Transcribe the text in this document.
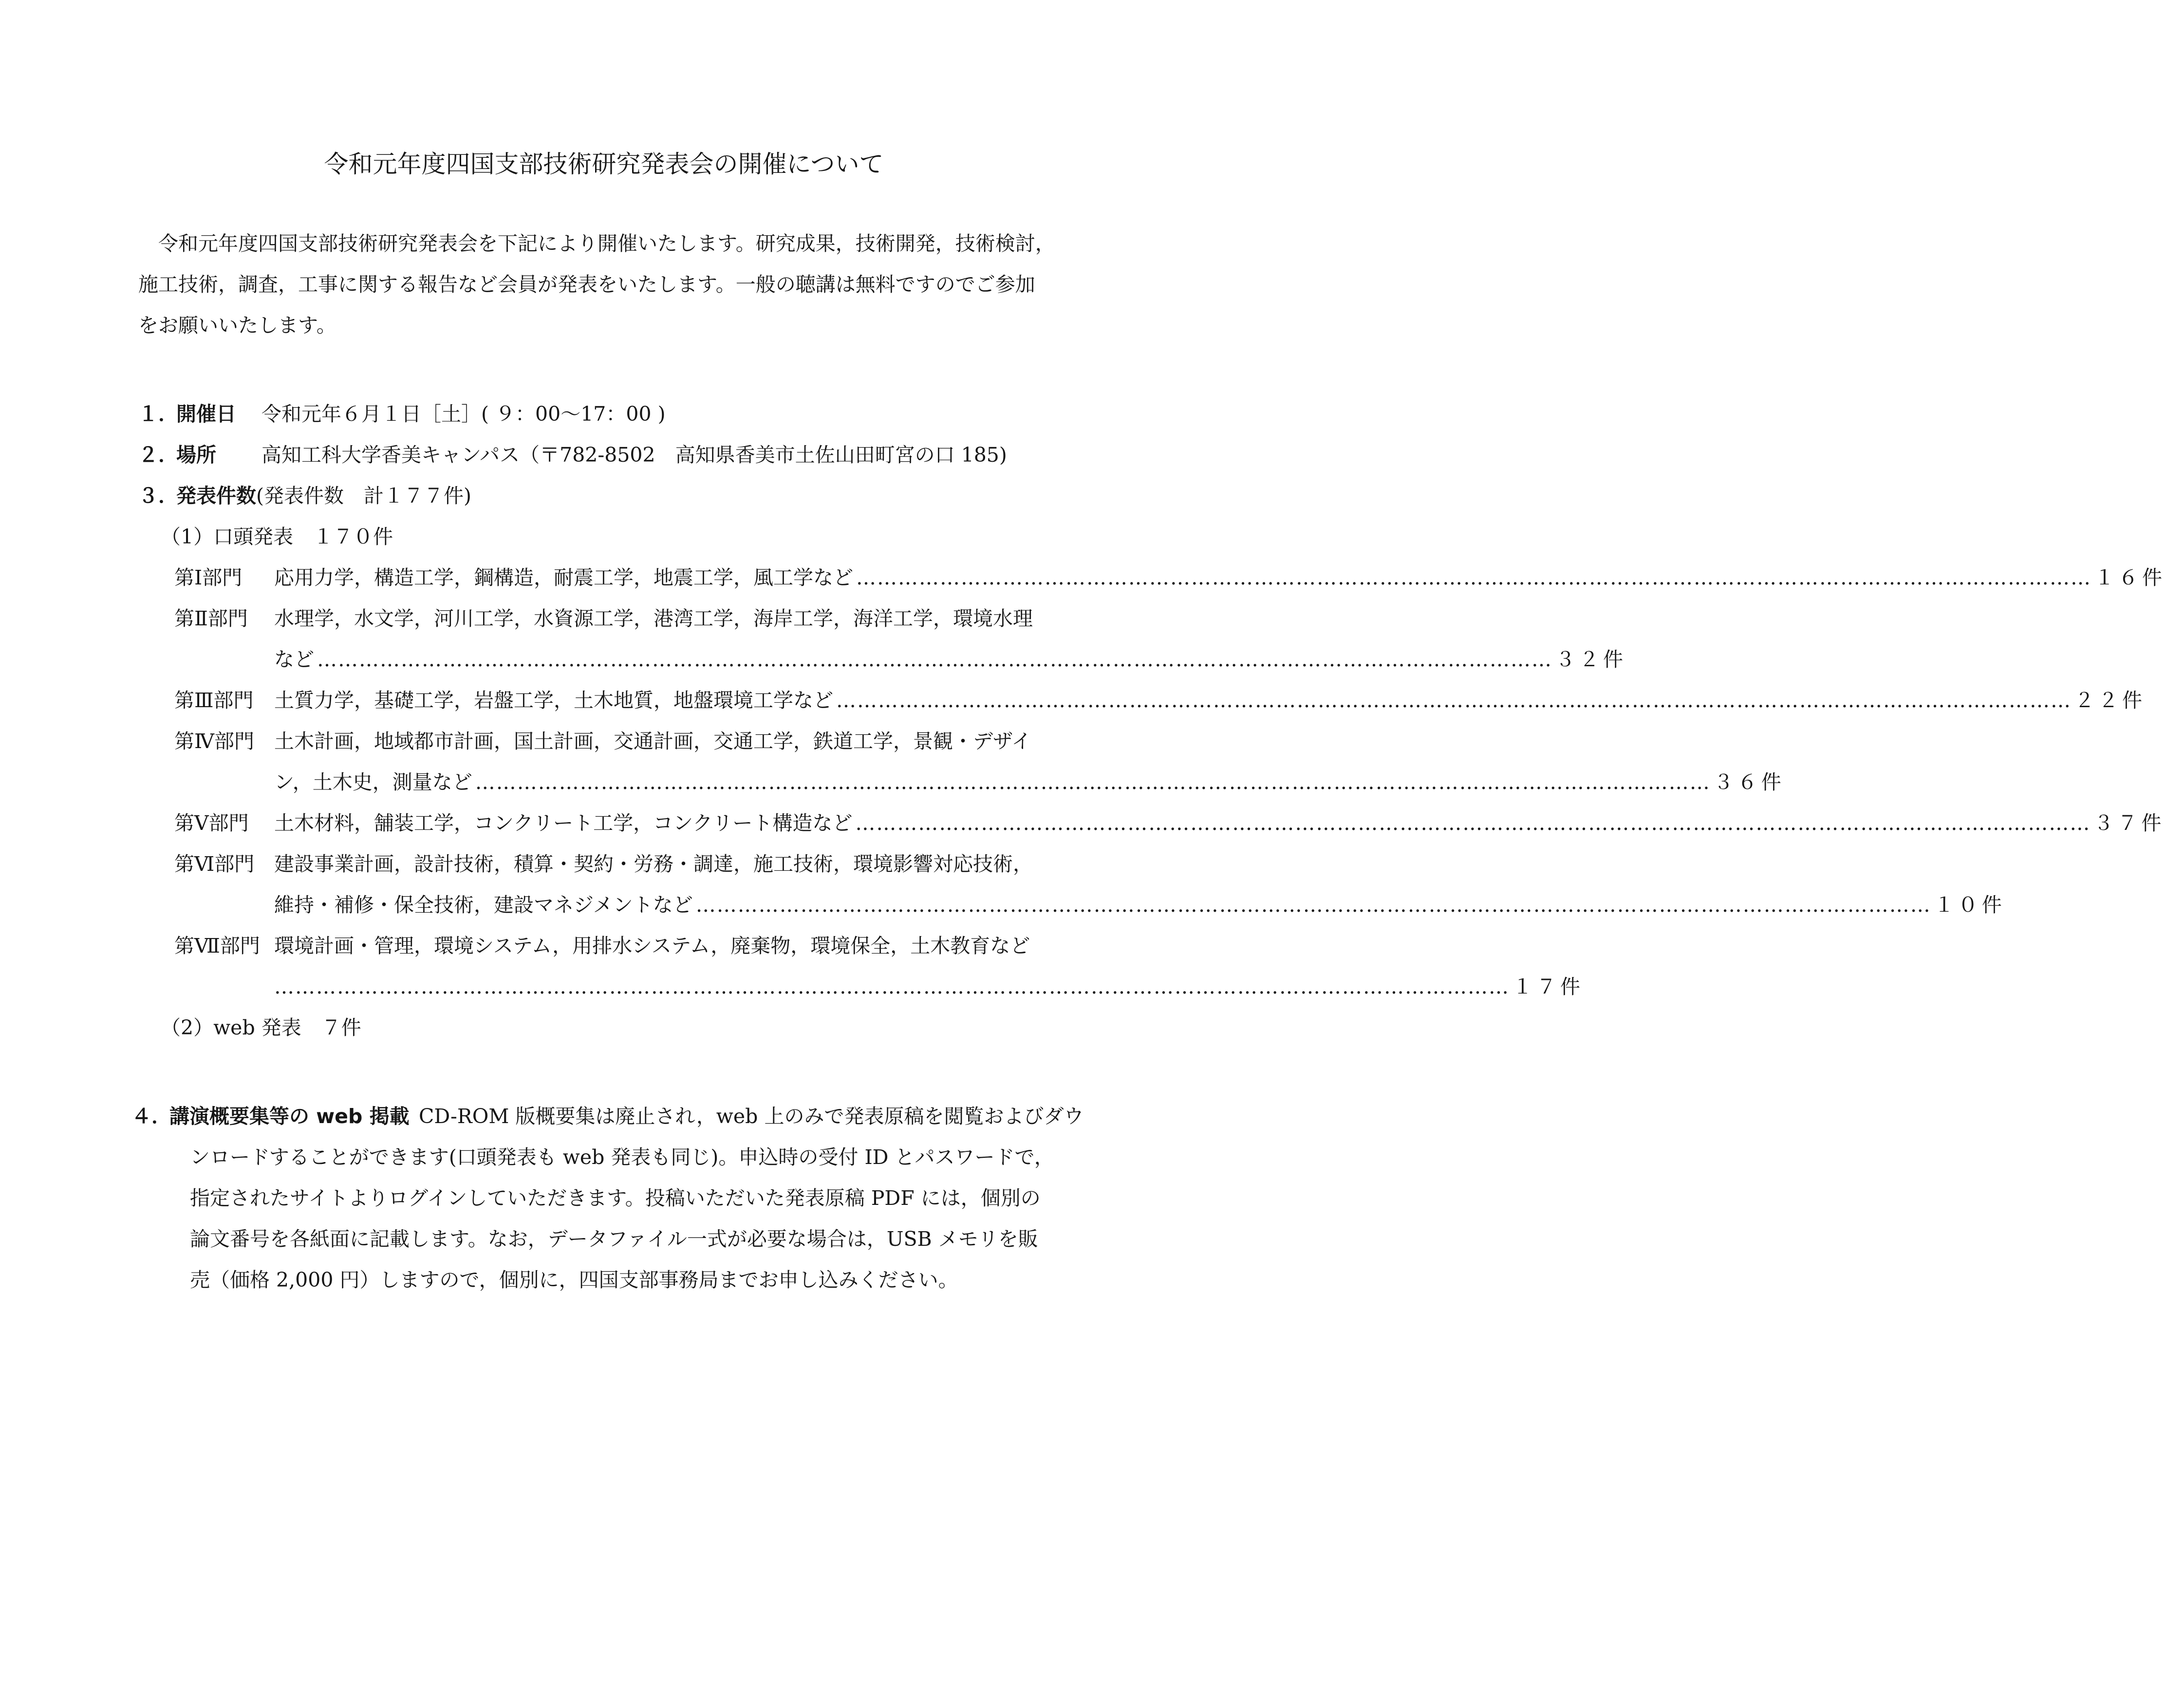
令和元年度四国支部技術研究発表会の開催について
令和元年度四国支部技術研究発表会を下記により開催いたします。研究成果，技術開発，技術検討，
施工技術，調査，工事に関する報告など会員が発表をいたします。一般の聴講は無料ですのでご参加
をお願いいたします。
１．開催日 令和元年６月１日［土］( ９：00～17：00 )
２．場所 高知工科大学香美キャンパス（〒782-8502　高知県香美市土佐山田町宮の口 185)
３．発表件数(発表件数　計１７７件)
（1）口頭発表　１７０件
第Ⅰ部門 応用力学，構造工学，鋼構造，耐震工学，地震工学，風工学など …………………………………………………………………………………………………………………………………………………………… １６件
第Ⅱ部門 水理学，水文学，河川工学，水資源工学，港湾工学，海岸工学，海洋工学，環境水理
など …………………………………………………………………………………………………………………………………………………………… ３２件
第Ⅲ部門 土質力学，基礎工学，岩盤工学，土木地質，地盤環境工学など …………………………………………………………………………………………………………………………………………………………… ２２件
第Ⅳ部門 土木計画，地域都市計画，国土計画，交通計画，交通工学，鉄道工学，景観・デザイ
ン，土木史，測量など …………………………………………………………………………………………………………………………………………………………… ３６件
第Ⅴ部門 土木材料，舗装工学，コンクリート工学，コンクリート構造など …………………………………………………………………………………………………………………………………………………………… ３７件
第Ⅵ部門 建設事業計画，設計技術，積算・契約・労務・調達，施工技術，環境影響対応技術，
維持・補修・保全技術，建設マネジメントなど …………………………………………………………………………………………………………………………………………………………… １０件
第Ⅶ部門 環境計画・管理，環境システム，用排水システム，廃棄物，環境保全，土木教育など
…………………………………………………………………………………………………………………………………………………………… １７件
（2）web 発表　７件
４．講演概要集等の web 掲載 CD-ROM 版概要集は廃止され，web 上のみで発表原稿を閲覧およびダウ
ンロードすることができます(口頭発表も web 発表も同じ)。申込時の受付 ID とパスワードで，
指定されたサイトよりログインしていただきます。投稿いただいた発表原稿 PDF には，個別の
論文番号を各紙面に記載します。なお，データファイル一式が必要な場合は，USB メモリを販
売（価格 2,000 円）しますので，個別に，四国支部事務局までお申し込みください。
